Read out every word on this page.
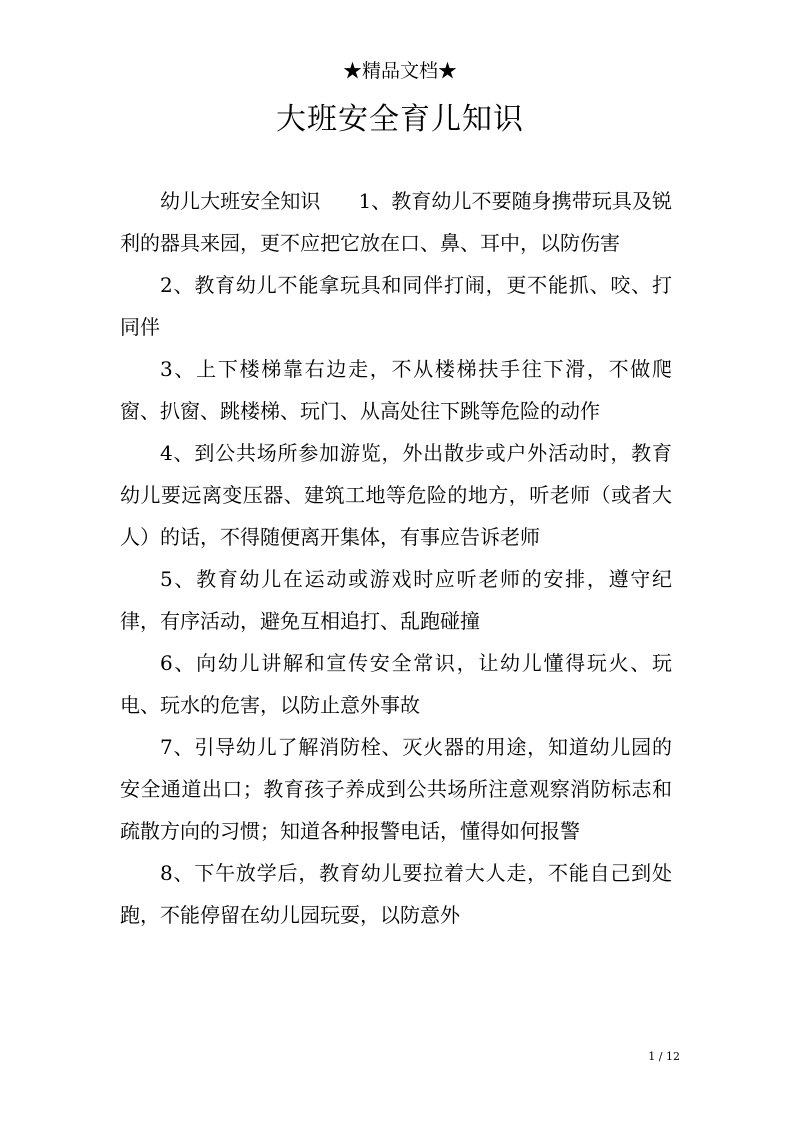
★精品文档★
大班安全育儿知识

幼儿大班安全知识 1、教育幼儿不要随身携带玩具及锐利的器具来园，更不应把它放在口、鼻、耳中，以防伤害

2、教育幼儿不能拿玩具和同伴打闹，更不能抓、咬、打同伴

3、上下楼梯靠右边走，不从楼梯扶手往下滑，不做爬窗、扒窗、跳楼梯、玩门、从高处往下跳等危险的动作

4、到公共场所参加游览，外出散步或户外活动时，教育幼儿要远离变压器、建筑工地等危险的地方，听老师（或者大人）的话，不得随便离开集体，有事应告诉老师

5、教育幼儿在运动或游戏时应听老师的安排，遵守纪律，有序活动，避免互相追打、乱跑碰撞

6、向幼儿讲解和宣传安全常识，让幼儿懂得玩火、玩电、玩水的危害，以防止意外事故

7、引导幼儿了解消防栓、灭火器的用途，知道幼儿园的安全通道出口；教育孩子养成到公共场所注意观察消防标志和疏散方向的习惯；知道各种报警电话，懂得如何报警

8、下午放学后，教育幼儿要拉着大人走，不能自己到处跑，不能停留在幼儿园玩耍，以防意外

1 / 12
